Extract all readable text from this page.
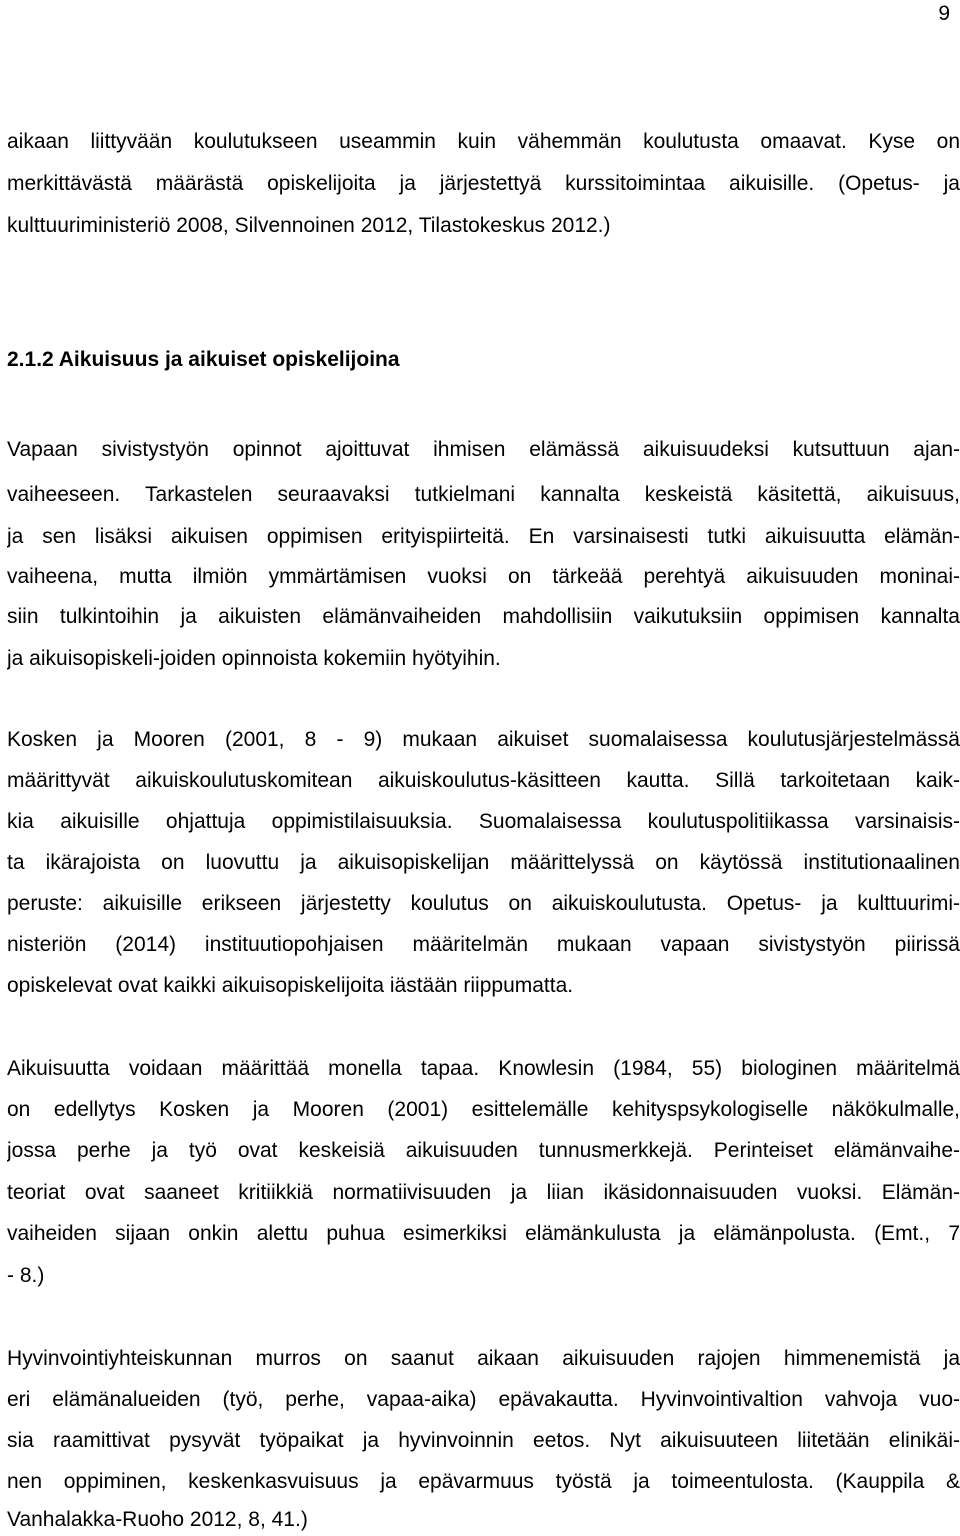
9
aikaan liittyvään koulutukseen useammin kuin vähemmän koulutusta omaavat. Kyse on
merkittävästä määrästä opiskelijoita ja järjestettyä kurssitoimintaa aikuisille. (Opetus- ja
kulttuuriministeriö 2008, Silvennoinen 2012, Tilastokeskus 2012.)
2.1.2 Aikuisuus ja aikuiset opiskelijoina
Vapaan sivistystyön opinnot ajoittuvat ihmisen elämässä aikuisuudeksi kutsuttuun ajan-
vaiheeseen. Tarkastelen seuraavaksi tutkielmani kannalta keskeistä käsitettä, aikuisuus,
ja sen lisäksi aikuisen oppimisen erityispiirteitä. En varsinaisesti tutki aikuisuutta elämän-
vaiheena, mutta ilmiön ymmärtämisen vuoksi on tärkeää perehtyä aikuisuuden moninai-
siin tulkintoihin ja aikuisten elämänvaiheiden mahdollisiin vaikutuksiin oppimisen kannalta
ja aikuisopiskeli-joiden opinnoista kokemiin hyötyihin.
Kosken ja Mooren (2001, 8 - 9) mukaan aikuiset suomalaisessa koulutusjärjestelmässä
määrittyvät aikuiskoulutuskomitean aikuiskoulutus-käsitteen kautta. Sillä tarkoitetaan kaik-
kia aikuisille ohjattuja oppimistilaisuuksia. Suomalaisessa koulutuspolitiikassa varsinaisis-
ta ikärajoista on luovuttu ja aikuisopiskelijan määrittelyssä on käytössä institutionaalinen
peruste: aikuisille erikseen järjestetty koulutus on aikuiskoulutusta. Opetus- ja kulttuurimi-
nisteriön (2014) instituutiopohjaisen määritelmän mukaan vapaan sivistystyön piirissä
opiskelevat ovat kaikki aikuisopiskelijoita iästään riippumatta.
Aikuisuutta voidaan määrittää monella tapaa. Knowlesin (1984, 55) biologinen määritelmä
on edellytys Kosken ja Mooren (2001) esittelemälle kehityspsykologiselle näkökulmalle,
jossa perhe ja työ ovat keskeisiä aikuisuuden tunnusmerkkejä. Perinteiset elämänvaihe-
teoriat ovat saaneet kritiikkiä normatiivisuuden ja liian ikäsidonnaisuuden vuoksi. Elämän-
vaiheiden sijaan onkin alettu puhua esimerkiksi elämänkulusta ja elämänpolusta. (Emt., 7
- 8.)
Hyvinvointiyhteiskunnan murros on saanut aikaan aikuisuuden rajojen himmenemistä ja
eri elämänalueiden (työ, perhe, vapaa-aika) epävakautta. Hyvinvointivaltion vahvoja vuo-
sia raamittivat pysyvät työpaikat ja hyvinvoinnin eetos. Nyt aikuisuuteen liitetään elinikäi-
nen oppiminen, keskenkasvuisuus ja epävarmuus työstä ja toimeentulosta. (Kauppila &
Vanhalakka-Ruoho 2012, 8, 41.)
